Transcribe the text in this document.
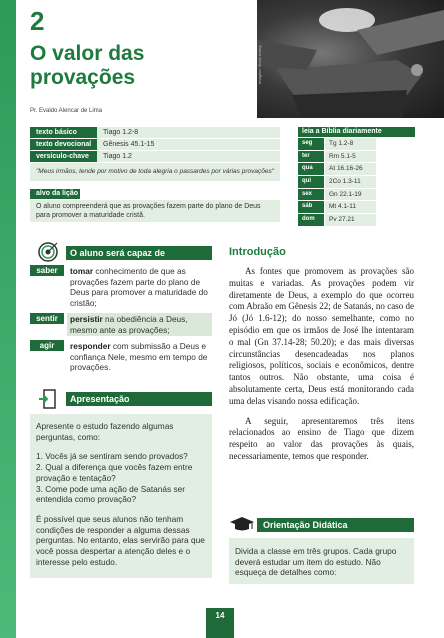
2
O valor das
provações
Pr. Evaldo Alencar de Lima
Imagem: Stock.xchng
texto básico	Tiago 1.2-8
texto devocional	Gênesis 45.1-15
versículo-chave	Tiago 1.2
"Meus irmãos, tende por motivo de toda alegria o passardes por várias provações"
alvo da lição
O aluno compreenderá que as provações fazem parte do plano de Deus para promover a maturidade cristã.
leia a Bíblia diariamente
seg	Tg 1.2-8
ter	Rm 5.1-5
qua	At 16.16-26
qui	2Co 1.3-11
sex	Gn 22.1-19
sáb	Mt 4.1-11
dom	Pv 27.21
O aluno será capaz de
saber	tomar conhecimento de que as provações fazem parte do plano de Deus para promover a maturidade do cristão;
sentir	persistir na obediência a Deus, mesmo ante as provações;
agir	responder com submissão a Deus e confiança Nele, mesmo em tempo de provações.
Apresentação

Apresente o estudo fazendo algumas perguntas, como:

1. Vocês já se sentiram sendo provados?
2. Qual a diferença que vocês fazem entre provação e tentação?

3. Come pode uma ação de Satanás ser entendida como provação?

É possível que seus alunos não tenham condições de responder a alguma dessas perguntas. No entanto, elas servirão para que você possa despertar a atenção deles e o interesse pelo estudo.

Introdução

As fontes que promovem as provações são muitas e variadas. As provações podem vir diretamente de Deus, a exemplo do que ocorreu com Abraão em Gênesis 22; de Satanás, no caso de Jó (Jó 1.6-12); do nosso semelhante, como no episódio em que os irmãos de José lhe intentaram o mal (Gn 37.14-28; 50.20); e das mais diversas circunstâncias desencadeadas nos planos religiosos, políticos, sociais e econômicos, dentre tantos outros. Não obstante, uma coisa é absolutamente certa, Deus está monitorando cada uma delas visando nossa edificação.

A seguir, apresentaremos três itens relacionados ao ensino de Tiago que dizem respeito ao valor das provações às quais, necessariamente, temos que responder.

Orientação Didática
Divida a classe em três grupos. Cada grupo deverá estudar um item do estudo. Não esqueça de detalhes como:
14
